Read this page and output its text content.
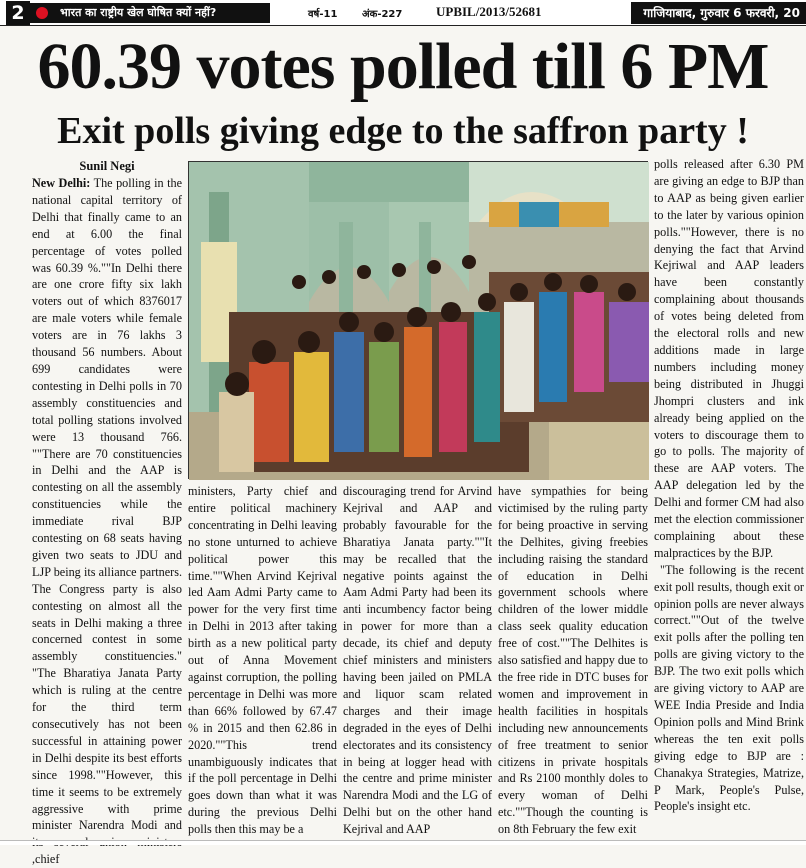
2	भारत का राष्ट्रीय खेल घोषित क्यों नहीं?	वर्ष-11 अंक-227	UPBIL/2013/52681	गाजियाबाद, गुरुवार 6 फरवरी, 20
60.39 votes polled till 6 PM
Exit polls giving edge to the saffron party !
Sunil Negi

New Delhi: The polling in the national capital territory of Delhi that finally came to an end at 6.00 the final percentage of votes polled was 60.39 %.""In Delhi there are one crore fifty six lakh voters out of which 8376017 are male voters while female voters are in 76 lakhs 3 thousand 56 numbers. About 699 candidates were contesting in Delhi polls in 70 assembly constituencies and total polling stations involved were 13 thousand 766. ""There are 70 constituencies in Delhi and the AAP is contesting on all the assembly constituencies while the immediate rival BJP contesting on 68 seats having given two seats to JDU and LJP being its alliance partners. The Congress party is also contesting on almost all the seats in Delhi making a three concerned contest in some assembly constituencies." "The Bharatiya Janata Party which is ruling at the centre for the third term consecutively has not been successful in attaining power in Delhi despite its best efforts since 1998.""However, this time it seems to be extremely aggressive with prime minister Narendra Modi and ,chief

ministers, Party chief and entire political machinery concentrating in Delhi leaving no stone unturned to achieve political power this time.""When Arvind Kejrival led Aam Admi Party came to power for the very first time in Delhi in 2013 after taking birth as a new political party out of Anna Movement against corruption, the polling percentage in Delhi was more than 66% followed by 67.47 % in 2015 and then 62.86 in 2020.""This trend unambiguously indicates that if the poll percentage in Delhi goes down than what it was during the previous Delhi polls then this may be a

discouraging trend for Arvind Kejrival and AAP and probably favourable for the Bharatiya Janata party.""It may be recalled that the negative points against the Aam Admi Party had been its anti incumbency factor being in power for more than a decade, its chief and deputy chief ministers and ministers having been jailed on PMLA and liquor scam related charges and their image degraded in the eyes of Delhi electorates and its consistency in being at logger head with the centre and prime minister Narendra Modi and the LG of Delhi but on the other hand Kejrival and AAP

have sympathies for being victimised by the ruling party for being proactive in serving the Delhites, giving freebies including raising the standard of education in Delhi government schools where children of the lower middle class seek quality education free of cost.""The Delhites is also satisfied and happy due to the free ride in DTC buses for women and improvement in health facilities in hospitals including new announcements of free treatment to senior citizens in private hospitals and Rs 2100 monthly doles to every woman of Delhi etc.""Though the counting is on 8th February the few exit

polls released after 6.30 PM are giving an edge to BJP than to AAP as being given earlier to the later by various opinion polls.""However, there is no denying the fact that Arvind Kejriwal and AAP leaders have been constantly complaining about thousands of votes being deleted from the electoral rolls and new additions made in large numbers including money being distributed in Jhuggi Jhompri clusters and ink already being applied on the voters to discourage them to go to polls. The majority of these are AAP voters. The AAP delegation led by the Delhi and former CM had also met the election commissioner complaining about these malpractices by the BJP.

"The following is the recent exit poll results, though exit or opinion polls are never always correct.""Out of the twelve exit polls after the polling ten polls are giving victory to the BJP. The two exit polls which are giving victory to AAP are WEE India Preside and India Opinion polls and Mind Brink whereas the ten exit polls giving edge to BJP are : Chanakya Strategies, Matrize, P Mark, People's Pulse, People's insight etc.
